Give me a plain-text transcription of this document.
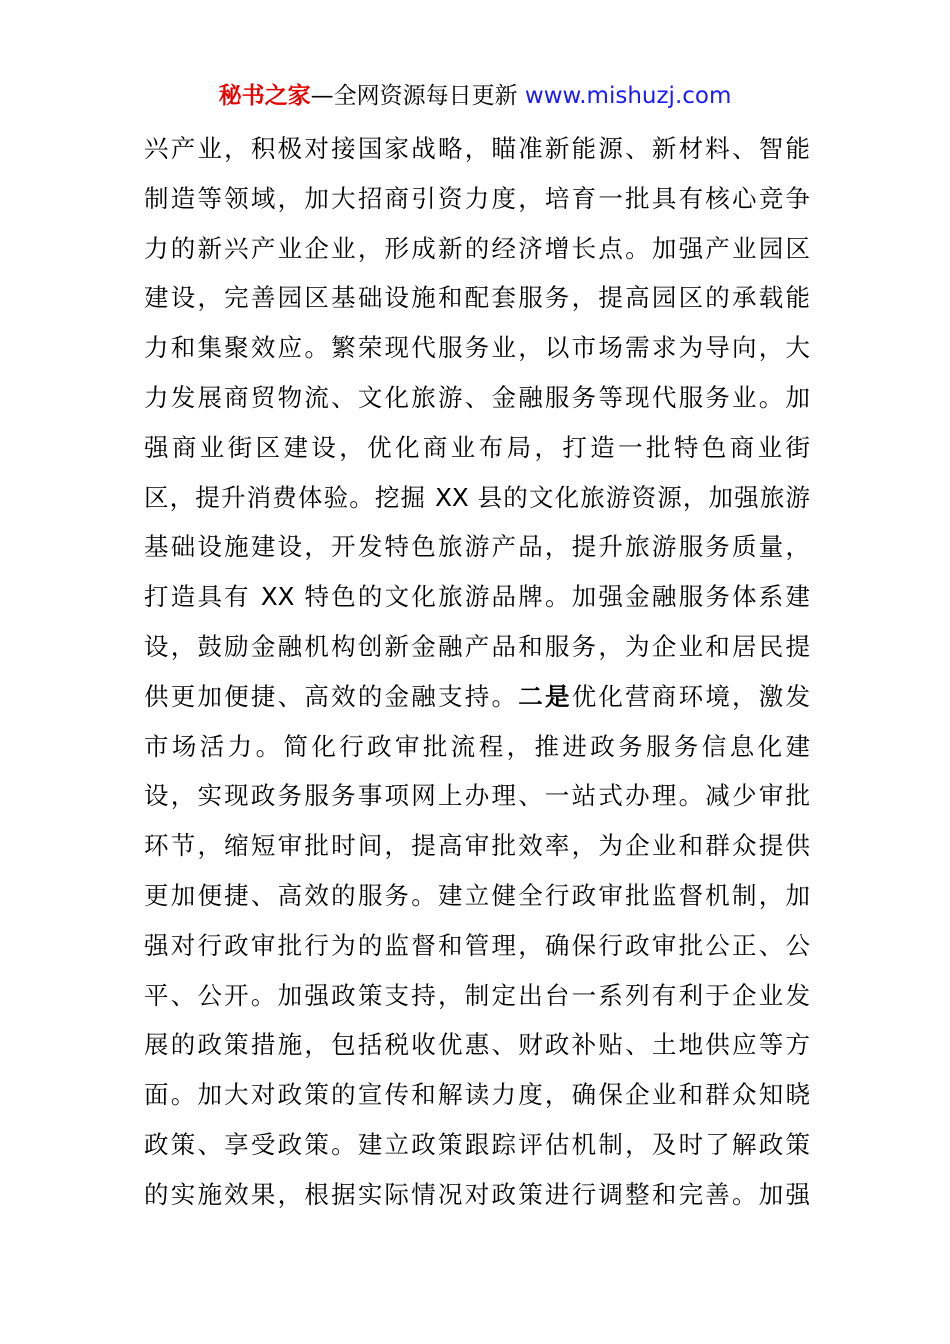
秘书之家—全网资源每日更新 www.mishuzj.com
兴产业，积极对接国家战略，瞄准新能源、新材料、智能
制造等领域，加大招商引资力度，培育一批具有核心竞争
力的新兴产业企业，形成新的经济增长点。加强产业园区
建设，完善园区基础设施和配套服务，提高园区的承载能
力和集聚效应。繁荣现代服务业，以市场需求为导向，大
力发展商贸物流、文化旅游、金融服务等现代服务业。加
强商业街区建设，优化商业布局，打造一批特色商业街
区，提升消费体验。挖掘 XX 县的文化旅游资源，加强旅游
基础设施建设，开发特色旅游产品，提升旅游服务质量，
打造具有 XX 特色的文化旅游品牌。加强金融服务体系建
设，鼓励金融机构创新金融产品和服务，为企业和居民提
供更加便捷、高效的金融支持。二是优化营商环境，激发
市场活力。简化行政审批流程，推进政务服务信息化建
设，实现政务服务事项网上办理、一站式办理。减少审批
环节，缩短审批时间，提高审批效率，为企业和群众提供
更加便捷、高效的服务。建立健全行政审批监督机制，加
强对行政审批行为的监督和管理，确保行政审批公正、公
平、公开。加强政策支持，制定出台一系列有利于企业发
展的政策措施，包括税收优惠、财政补贴、土地供应等方
面。加大对政策的宣传和解读力度，确保企业和群众知晓
政策、享受政策。建立政策跟踪评估机制，及时了解政策
的实施效果，根据实际情况对政策进行调整和完善。加强
